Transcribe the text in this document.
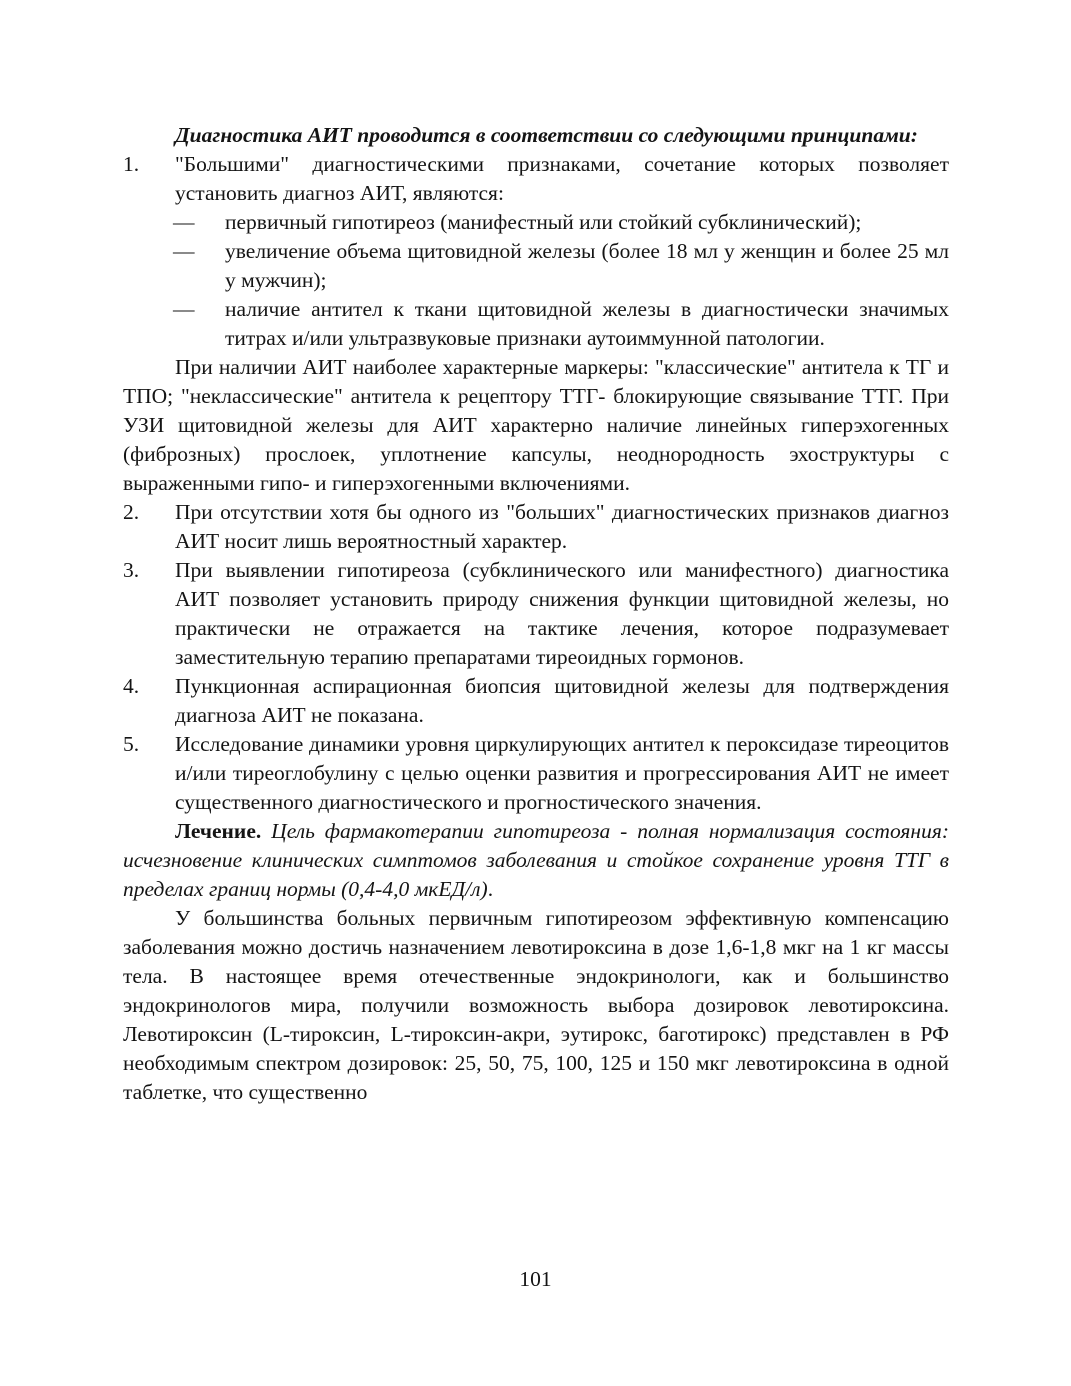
Диагностика АИТ проводится в соответствии со следующими принципами:

1. "Большими" диагностическими признаками, сочетание которых позволяет установить диагноз АИТ, являются:
— первичный гипотиреоз (манифестный или стойкий субклинический);
— увеличение объема щитовидной железы (более 18 мл у женщин и более 25 мл у мужчин);
— наличие антител к ткани щитовидной железы в диагностически значимых титрах и/или ультразвуковые признаки аутоиммунной патологии.

При наличии АИТ наиболее характерные маркеры: "классические" антитела к ТГ и ТПО; "неклассические" антитела к рецептору ТТГ- блокирующие связывание ТТГ. При УЗИ щитовидной железы для АИТ характерно наличие линейных гиперэхогенных (фиброзных) прослоек, уплотнение капсулы, неоднородность эхоструктуры с выраженными гипо- и гиперэхогенными включениями.

2. При отсутствии хотя бы одного из "больших" диагностических признаков диагноз АИТ носит лишь вероятностный характер.
3. При выявлении гипотиреоза (субклинического или манифестного) диагностика АИТ позволяет установить природу снижения функции щитовидной железы, но практически не отражается на тактике лечения, которое подразумевает заместительную терапию препаратами тиреоидных гормонов.
4. Пункционная аспирационная биопсия щитовидной железы для подтверждения диагноза АИТ не показана.
5. Исследование динамики уровня циркулирующих антител к пероксидазе тиреоцитов и/или тиреоглобулину с целью оценки развития и прогрессирования АИТ не имеет существенного диагностического и прогностического значения.

Лечение. Цель фармакотерапии гипотиреоза - полная нормализация состояния: исчезновение клинических симптомов заболевания и стойкое сохранение уровня ТТГ в пределах границ нормы (0,4-4,0 мкЕД/л).

У большинства больных первичным гипотиреозом эффективную компенсацию заболевания можно достичь назначением левотироксина в дозе 1,6-1,8 мкг на 1 кг массы тела. В настоящее время отечественные эндокринологи, как и большинство эндокринологов мира, получили возможность выбора дозировок левотироксина. Левотироксин (L-тироксин, L-тироксин-акри, эутирокс, баготирокс) представлен в РФ необходимым спектром дозировок: 25, 50, 75, 100, 125 и 150 мкг левотироксина в одной таблетке, что существенно

101
